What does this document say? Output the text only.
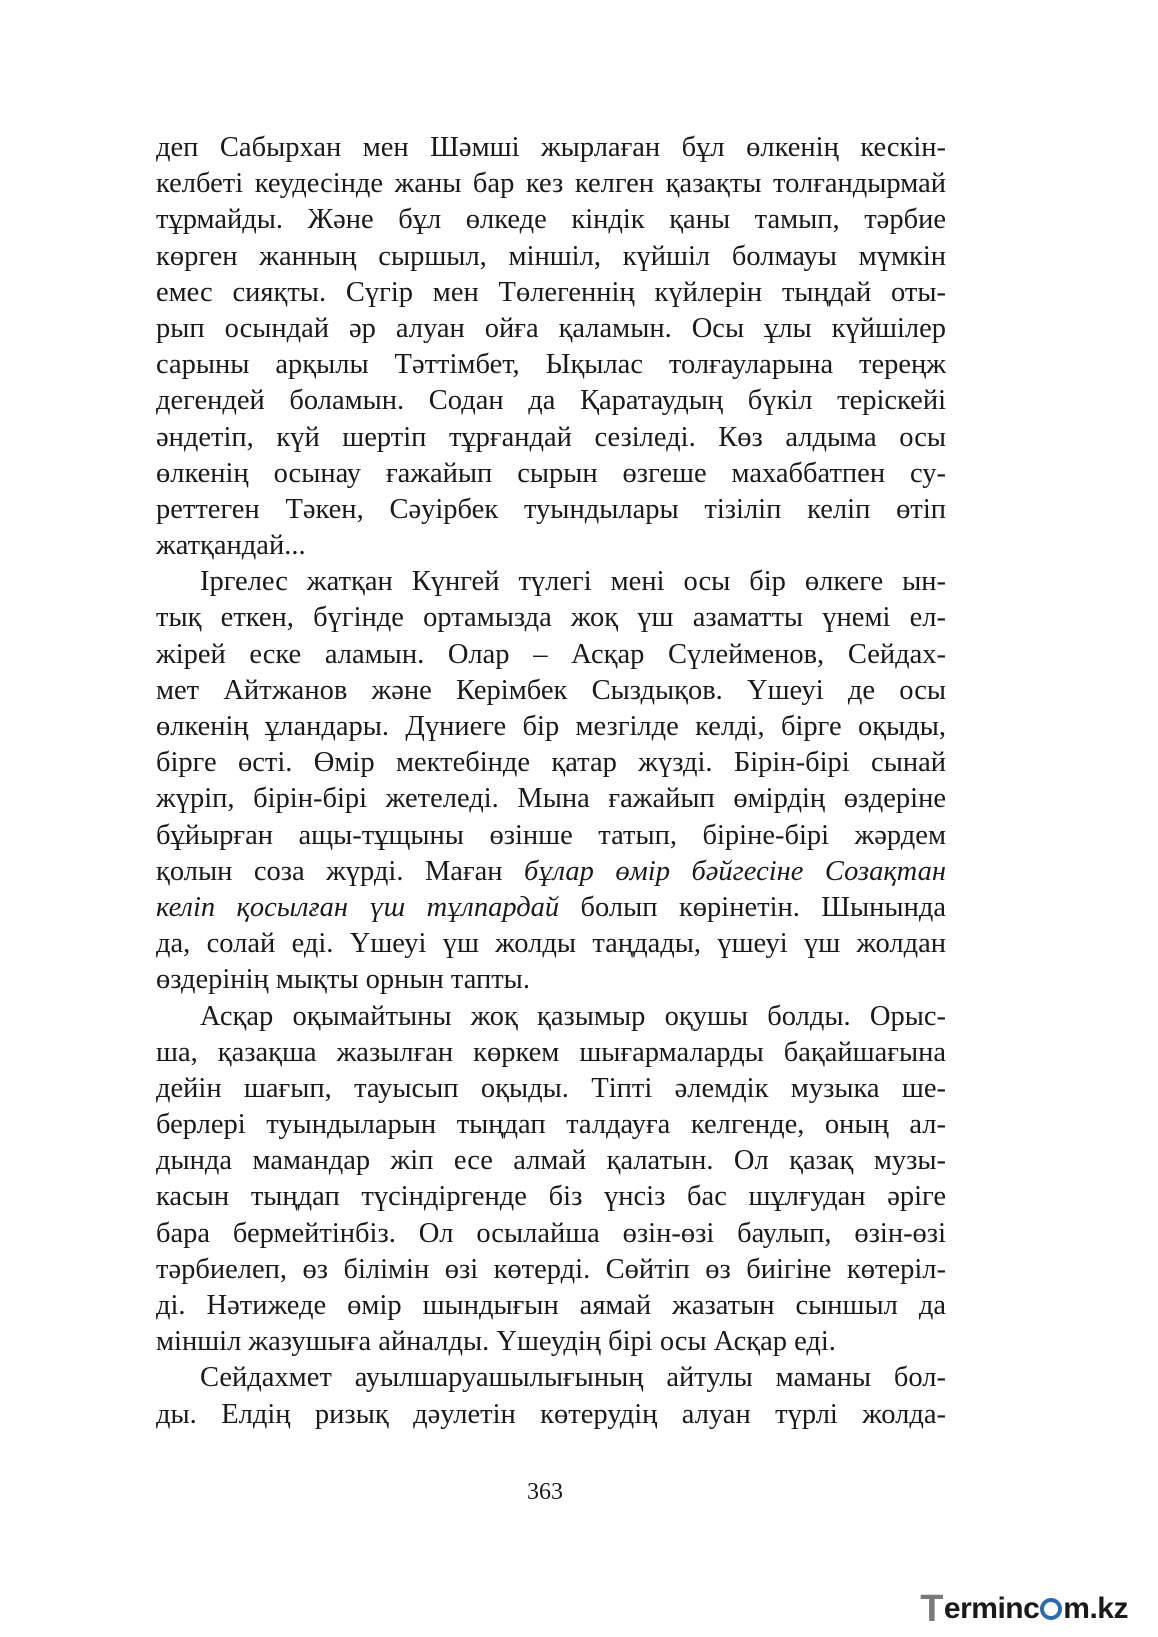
деп Сабырхан мен Шәмші жырлаған бұл өлкенің кескін-
келбеті кеудесінде жаны бар кез келген қазақты толғандырмай
тұрмайды. Және бұл өлкеде кіндік қаны тамып, тәрбие
көрген жанның сыршыл, міншіл, күйшіл болмауы мүмкін
емес сияқты. Сүгір мен Төлегеннің күйлерін тыңдай оты-
рып осындай әр алуан ойға қаламын. Осы ұлы күйшілер
сарыны арқылы Тәттімбет, Ықылас толғауларына тереңж
дегендей боламын. Содан да Қаратаудың бүкіл теріскейі
әндетіп, күй шертіп тұрғандай сезіледі. Көз алдыма осы
өлкенің осынау ғажайып сырын өзгеше махаббатпен су-
реттеген Тәкен, Сәуірбек туындылары тізіліп келіп өтіп
жатқандай...
Іргелес жатқан Күнгей түлегі мені осы бір өлкеге ын-
тық еткен, бүгінде ортамызда жоқ үш азаматты үнемі ел-
жірей еске аламын. Олар – Асқар Сүлейменов, Сейдах-
мет Айтжанов және Керімбек Сыздықов. Үшеуі де осы
өлкенің ұландары. Дүниеге бір мезгілде келді, бірге оқыды,
бірге өсті. Өмір мектебінде қатар жүзді. Бірін-бірі сынай
жүріп, бірін-бірі жетеледі. Мына ғажайып өмірдің өздеріне
бұйырған ащы-тұщыны өзінше татып, біріне-бірі жәрдем
қолын соза жүрді. Маған бұлар өмір бәйгесіне Созақтан
келіп қосылған үш тұлпардай болып көрінетін. Шынында
да, солай еді. Үшеуі үш жолды таңдады, үшеуі үш жолдан
өздерінің мықты орнын тапты.
Асқар оқымайтыны жоқ қазымыр оқушы болды. Орыс-
ша, қазақша жазылған көркем шығармаларды бақайшағына
дейін шағып, тауысып оқыды. Тіпті әлемдік музыка ше-
берлері туындыларын тыңдап талдауға келгенде, оның ал-
дында мамандар жіп есе алмай қалатын. Ол қазақ музы-
касын тыңдап түсіндіргенде біз үнсіз бас шұлғудан әріге
бара бермейтінбіз. Ол осылайша өзін-өзі баулып, өзін-өзі
тәрбиелеп, өз білімін өзі көтерді. Сөйтіп өз биігіне көтеріл-
ді. Нәтижеде өмір шындығын аямай жазатын сыншыл да
міншіл жазушыға айналды. Үшеудің бірі осы Асқар еді.
Сейдахмет ауылшаруашылығының айтулы маманы бол-
ды. Елдің ризық дәулетін көтерудің алуан түрлі жолда-
363
T ermin c m.kz
